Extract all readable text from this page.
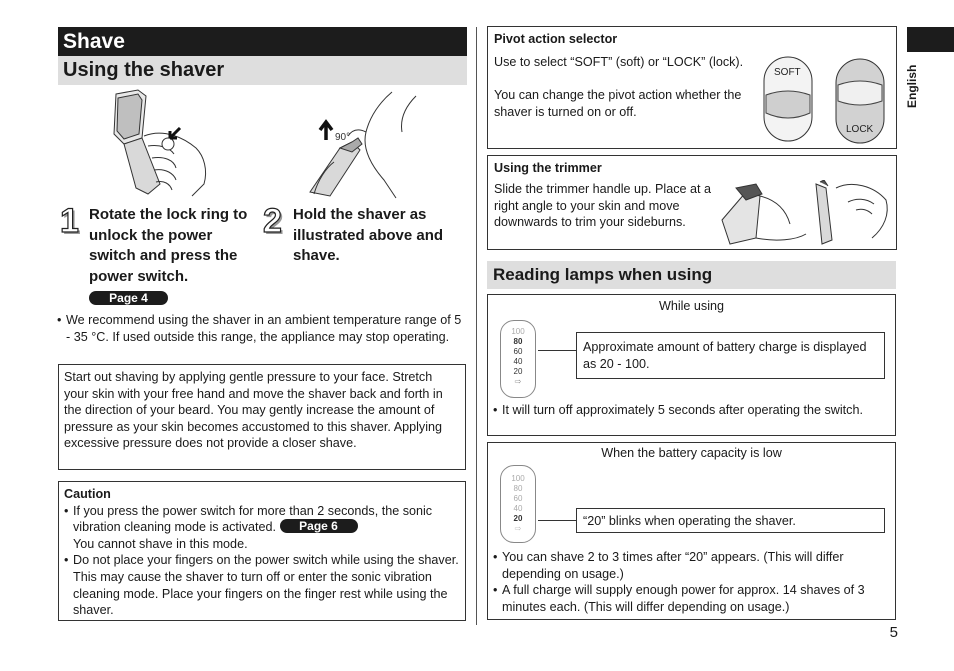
Shave
Using the shaver
90°
1 Rotate the lock ring to unlock the power switch and press the power switch.
Page 4
2 Hold the shaver as illustrated above and shave.
• We recommend using the shaver in an ambient temperature range of 5 - 35 °C. If used outside this range, the appliance may stop operating.
Start out shaving by applying gentle pressure to your face. Stretch your skin with your free hand and move the shaver back and forth in the direction of your beard. You may gently increase the amount of pressure as your skin becomes accustomed to this shaver. Applying excessive pressure does not provide a closer shave.
Caution
• If you press the power switch for more than 2 seconds, the sonic vibration cleaning mode is activated. Page 6
You cannot shave in this mode.
• Do not place your fingers on the power switch while using the shaver. This may cause the shaver to turn off or enter the sonic vibration cleaning mode. Place your fingers on the finger rest while using the shaver.
Pivot action selector
Use to select “SOFT” (soft) or “LOCK” (lock).
You can change the pivot action whether the shaver is turned on or off.
SOFT
LOCK
Using the trimmer
Slide the trimmer handle up. Place at a right angle to your skin and move downwards to trim your sideburns.
Reading lamps when using
While using
100
80
60
40
20
⇨
Approximate amount of battery charge is displayed as 20 - 100.
• It will turn off approximately 5 seconds after operating the switch.
When the battery capacity is low
100
80
60
40
20
⇨
“20” blinks when operating the shaver.
• You can shave 2 to 3 times after “20” appears. (This will differ depending on usage.)
• A full charge will supply enough power for approx. 14 shaves of 3 minutes each. (This will differ depending on usage.)
English
5
